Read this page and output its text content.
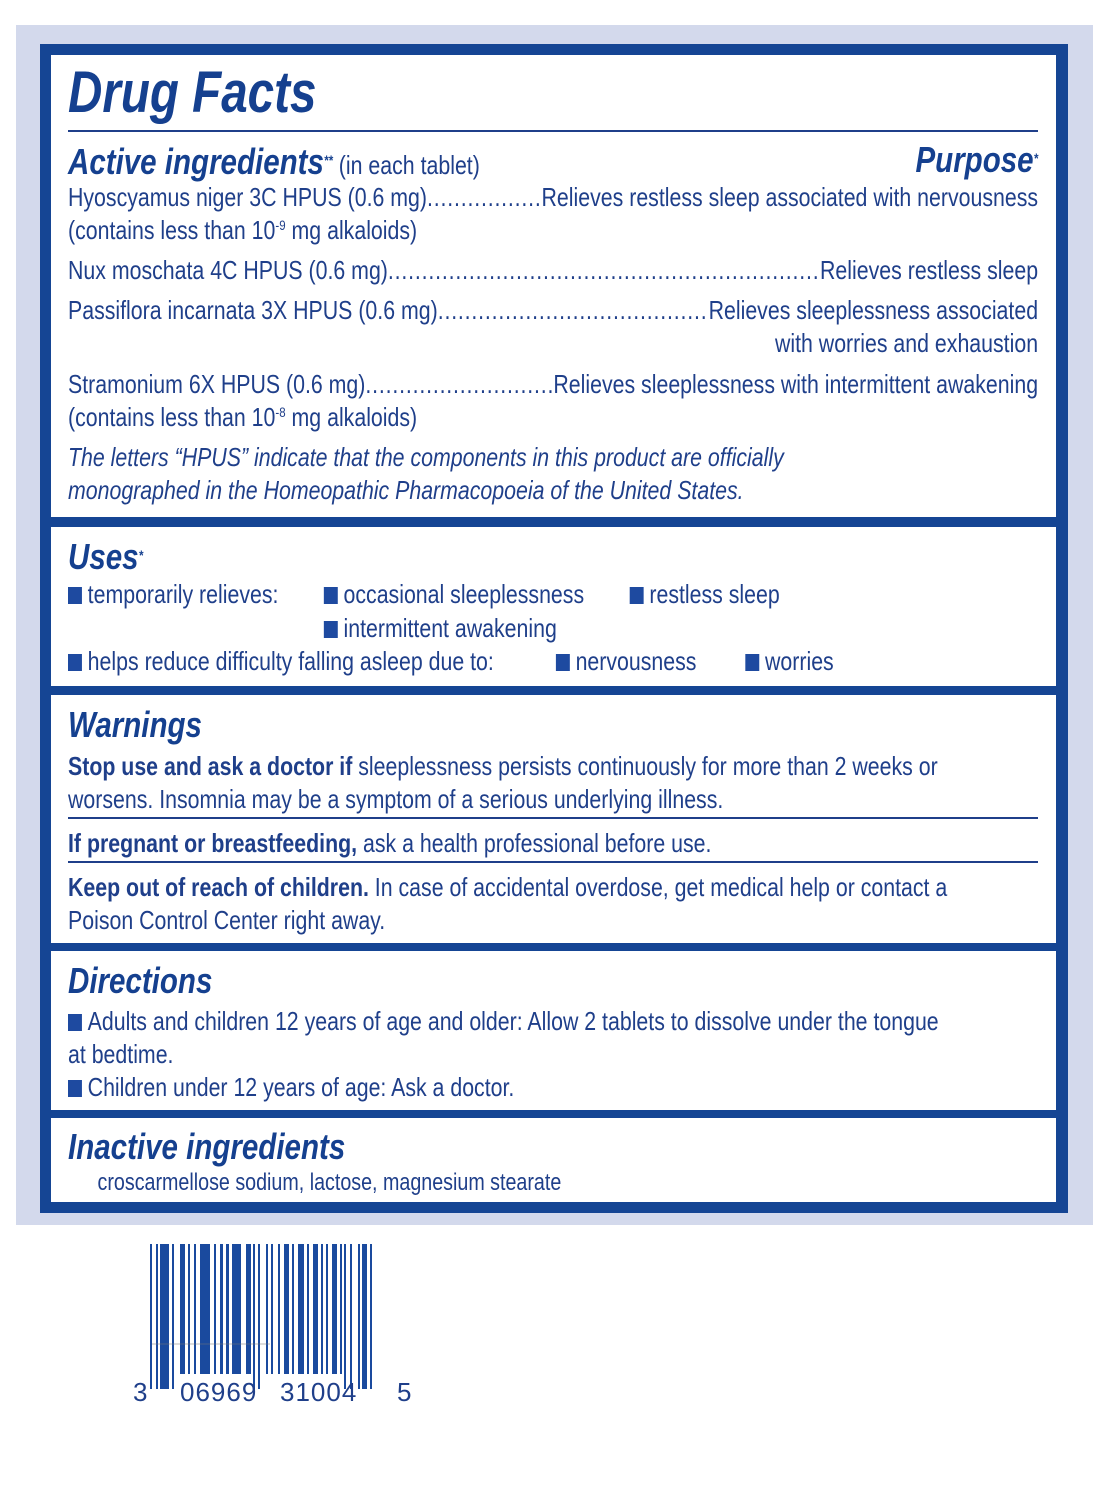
Drug Facts
Active ingredients** (in each tablet)	Purpose*
Hyoscyamus niger 3C HPUS (0.6 mg) .....	Relieves restless sleep associated with nervousness
(contains less than $10^{-9}$ mg alkaloids)
Nux moschata 4C HPUS (0.6 mg) .....	Relieves restless sleep
Passiflora incarnata 3X HPUS (0.6 mg) .....	Relieves sleeplessness associated
with worries and exhaustion
Stramonium 6X HPUS (0.6 mg) .....	Relieves sleeplessness with intermittent awakening
(contains less than $10^{-8}$ mg alkaloids)
The letters “HPUS” indicate that the components in this product are officially
monographed in the Homeopathic Pharmacopoeia of the United States.
Uses*
temporarily relieves:	occasional sleeplessness	restless sleep
intermittent awakening
helps reduce difficulty falling asleep due to:	nervousness	worries
Warnings
Stop use and ask a doctor if sleeplessness persists continuously for more than 2 weeks or
worsens. Insomnia may be a symptom of a serious underlying illness.
If pregnant or breastfeeding, ask a health professional before use.
Keep out of reach of children. In case of accidental overdose, get medical help or contact a
Poison Control Center right away.
Directions
Adults and children 12 years of age and older: Allow 2 tablets to dissolve under the tongue
at bedtime.
Children under 12 years of age: Ask a doctor.
Inactive ingredients
croscarmellose sodium, lactose, magnesium stearate
3 06969 31004 5
